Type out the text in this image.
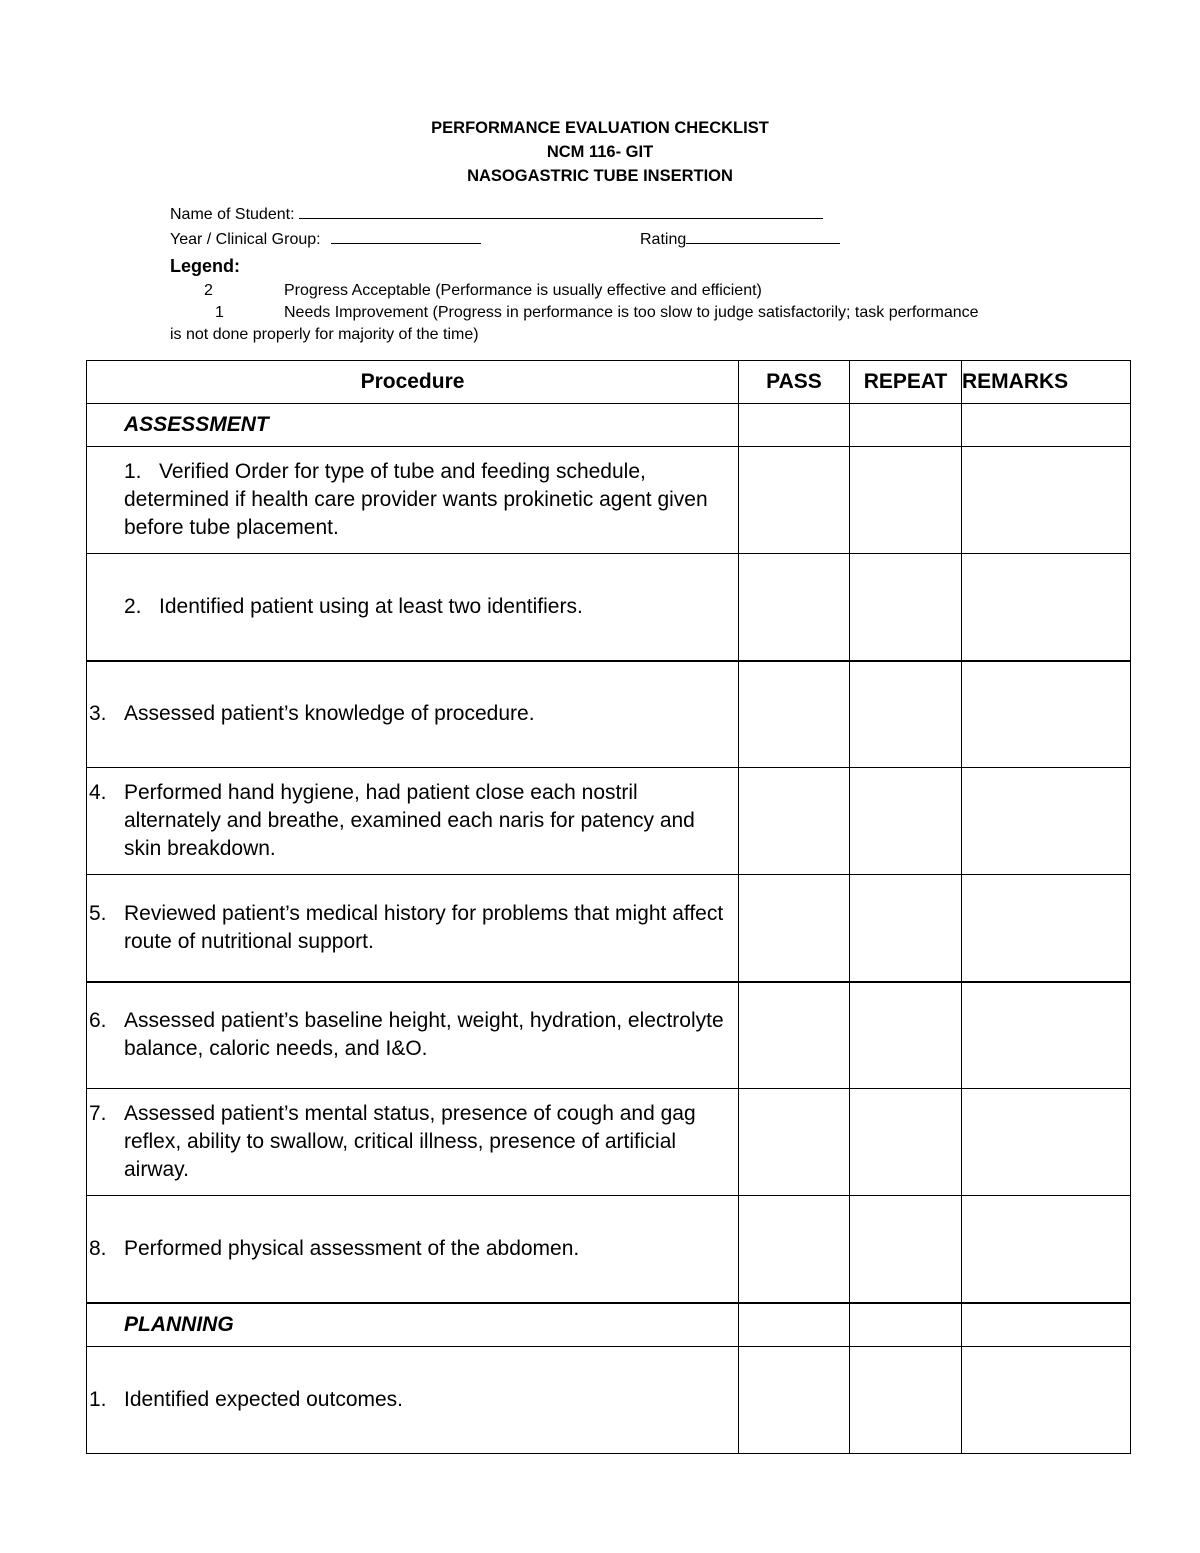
PERFORMANCE EVALUATION CHECKLIST
NCM 116- GIT
NASOGASTRIC TUBE INSERTION
Name of Student:
Year / Clinical Group:	Rating
Legend:
2	Progress Acceptable (Performance is usually effective and efficient)
1	Needs Improvement (Progress in performance is too slow to judge satisfactorily; task performance
is not done properly for majority of the time)
Procedure	PASS	REPEAT	REMARKS
ASSESSMENT			

1. Verified Order for type of tube and feeding schedule, determined if health care provider wants prokinetic agent given before tube placement.			

2. Identified patient using at least two identifiers.			

3. Assessed patient’s knowledge of procedure.			

4. Performed hand hygiene, had patient close each nostril alternately and breathe, examined each naris for patency and skin breakdown.			

5. Reviewed patient’s medical history for problems that might affect route of nutritional support.			

6. Assessed patient’s baseline height, weight, hydration, electrolyte balance, caloric needs, and I&O.			

7. Assessed patient’s mental status, presence of cough and gag reflex, ability to swallow, critical illness, presence of artificial airway.			

8. Performed physical assessment of the abdomen.			

PLANNING			

1. Identified expected outcomes.			
